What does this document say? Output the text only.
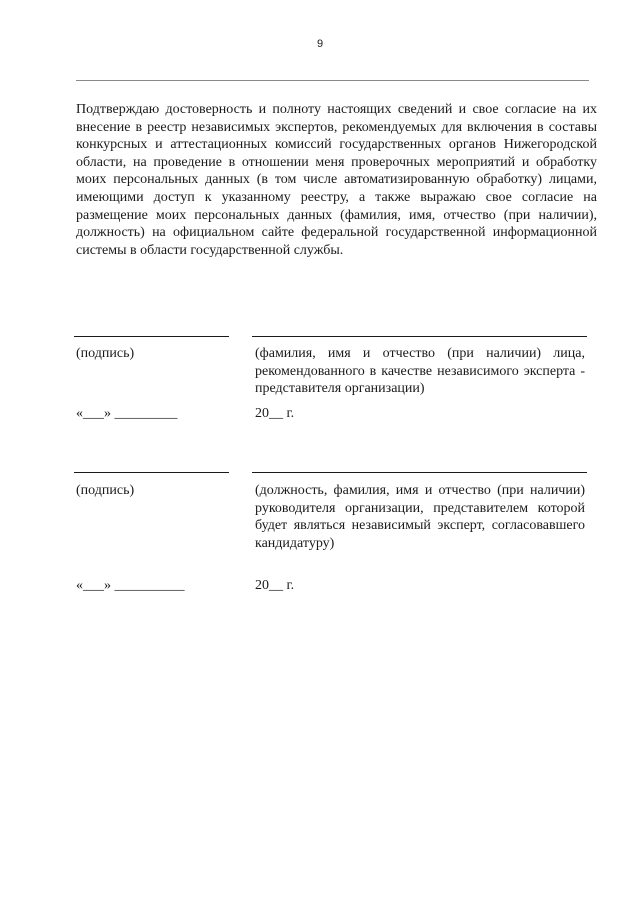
9
Подтверждаю достоверность и полноту настоящих сведений и свое согласие на их внесение в реестр независимых экспертов, рекомендуемых для включения в составы конкурсных и аттестационных комиссий государственных органов Нижегородской области, на проведение в отношении меня проверочных мероприятий и обработку моих персональных данных (в том числе автоматизированную обработку) лицами, имеющими доступ к указанному реестру, а также выражаю свое согласие на размещение моих персональных данных (фамилия, имя, отчество (при наличии), должность) на официальном сайте федеральной государственной информационной системы в области государственной службы.
(подпись)	(фамилия, имя и отчество (при наличии) лица, рекомендованного в качестве независимого эксперта - представителя организации)
«___» _________	20__ г.
(подпись)	(должность, фамилия, имя и отчество (при наличии) руководителя организации, представителем которой будет являться независимый эксперт, согласовавшего кандидатуру)
«___» __________	20__ г.
